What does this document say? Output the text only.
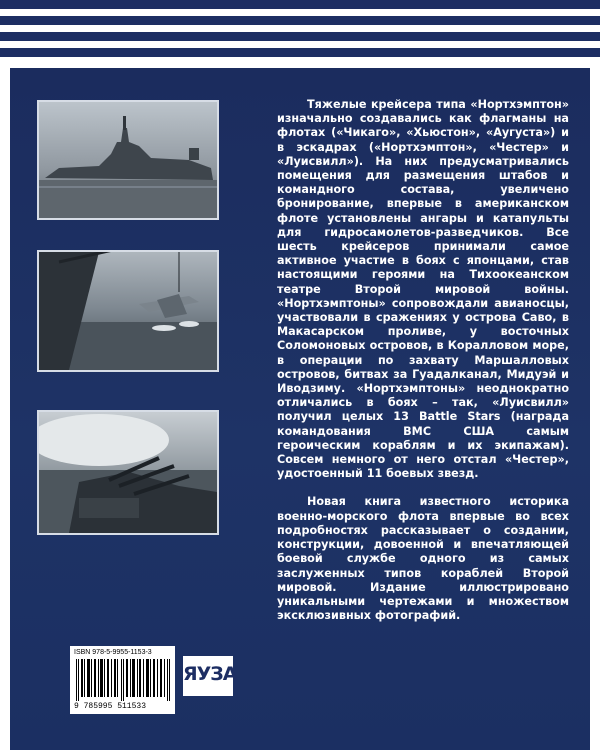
Тяжелые крейсера типа «Нортхэмптон» изначально создавались как флагманы на флотах («Чикаго», «Хьюстон», «Аугуста») и в эскадрах («Нортхэмптон», «Честер» и «Луисвилл»). На них предусматривались помещения для размещения штабов и командного состава, увеличено бронирование, впервые в американском флоте установлены ангары и катапульты для гидросамолетов-разведчиков. Все шесть крейсеров принимали самое активное участие в боях с японцами, став настоящими героями на Тихоокеанском театре Второй мировой войны. «Нортхэмптоны» сопровождали авианосцы, участвовали в сражениях у острова Саво, в Макасарском проливе, у восточных Соломоновых островов, в Коралловом море, в операции по захвату Маршалловых островов, битвах за Гуадалканал, Мидуэй и Иводзиму. «Нортхэмптоны» неоднократно отличались в боях – так, «Луисвилл» получил целых 13 Battle Stars (награда командования ВМС США самым героическим кораблям и их экипажам). Совсем немного от него отстал «Честер», удостоенный 11 боевых звезд.

Новая книга известного историка военно-морского флота впервые во всех подробностях рассказывает о создании, конструкции, довоенной и впечатляющей боевой службе одного из самых заслуженных типов кораблей Второй мировой. Издание иллюстрировано уникальными чертежами и множеством эксклюзивных фотографий.

ISBN 978-5-9955-1153-3
9 785995 511533
ЯУЗА
